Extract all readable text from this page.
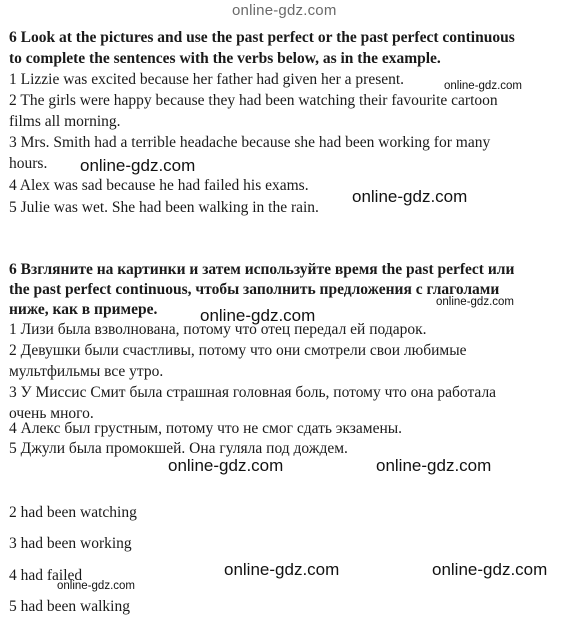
online-gdz.com
6 Look at the pictures and use the past perfect or the past perfect continuous
to complete the sentences with the verbs below, as in the example.
1 Lizzie was excited because her father had given her a present.
2 The girls were happy because they had been watching their favourite cartoon
films all morning.
3 Mrs. Smith had a terrible headache because she had been working for many
hours.
4 Alex was sad because he had failed his exams.
5 Julie was wet. She had been walking in the rain.
6 Взгляните на картинки и затем используйте время the past perfect или
the past perfect continuous, чтобы заполнить предложения с глаголами
ниже, как в примере.
1 Лизи была взволнована, потому что отец передал ей подарок.
2 Девушки были счастливы, потому что они смотрели свои любимые
мультфильмы все утро.
3 У Миссис Смит была страшная головная боль, потому что она работала
очень много.
4 Алекс был грустным, потому что не смог сдать экзамены.
5 Джули была промокшей. Она гуляла под дождем.
2 had been watching
3 had been working
4 had failed
5 had been walking
online-gdz.com
online-gdz.com
online-gdz.com
online-gdz.com
online-gdz.com
online-gdz.com	online-gdz.com
online-gdz.com	online-gdz.com
online-gdz.com
